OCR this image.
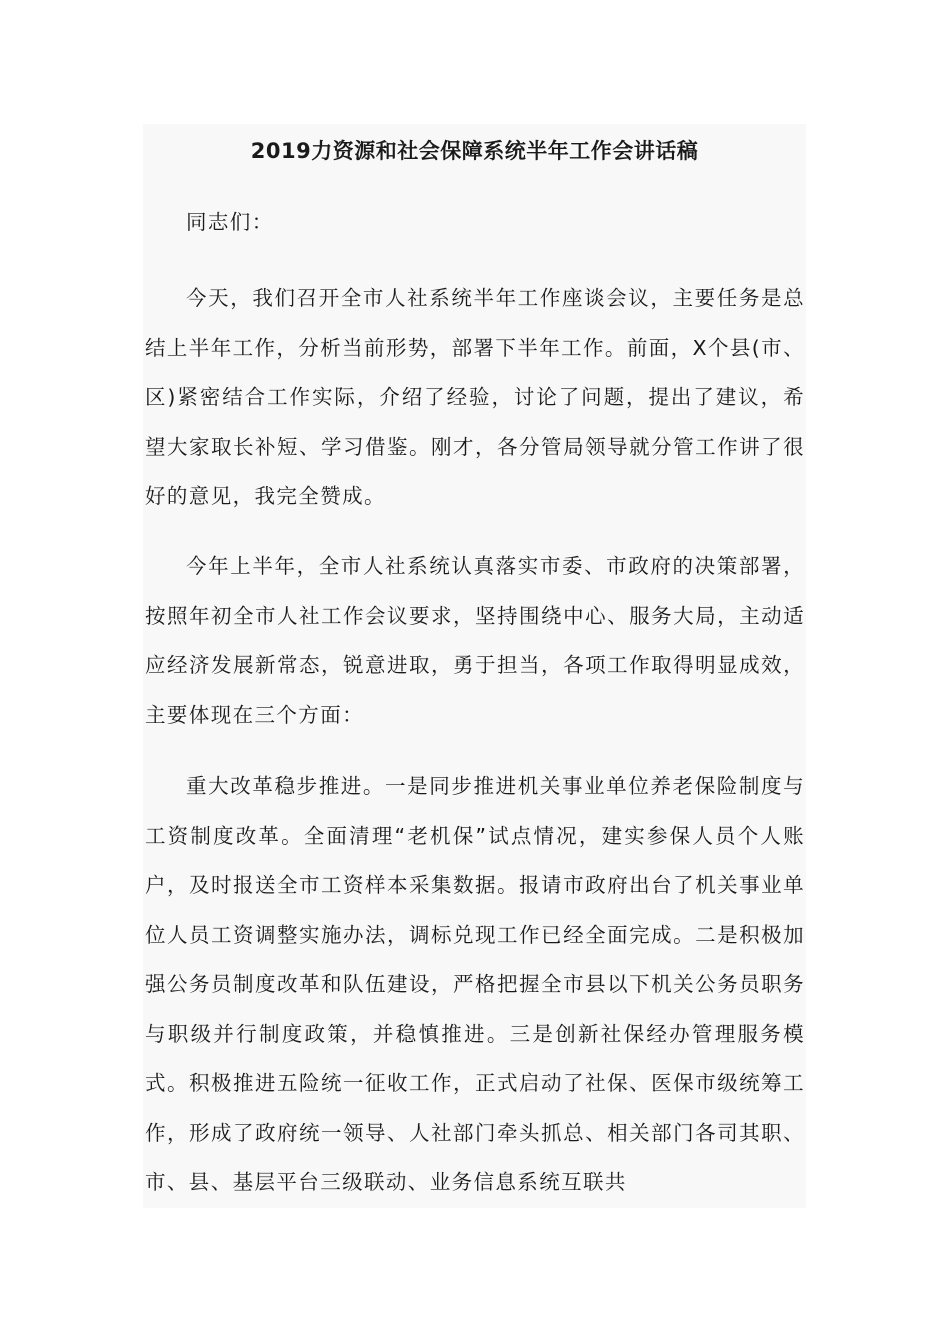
2019力资源和社会保障系统半年工作会讲话稿

同志们：

今天，我们召开全市人社系统半年工作座谈会议，主要任务是总结上半年工作，分析当前形势，部署下半年工作。前面，X个县(市、区)紧密结合工作实际，介绍了经验，讨论了问题，提出了建议，希望大家取长补短、学习借鉴。刚才，各分管局领导就分管工作讲了很好的意见，我完全赞成。

今年上半年，全市人社系统认真落实市委、市政府的决策部署，按照年初全市人社工作会议要求，坚持围绕中心、服务大局，主动适应经济发展新常态，锐意进取，勇于担当，各项工作取得明显成效，主要体现在三个方面：

重大改革稳步推进。一是同步推进机关事业单位养老保险制度与工资制度改革。全面清理“老机保”试点情况，建实参保人员个人账户，及时报送全市工资样本采集数据。报请市政府出台了机关事业单位人员工资调整实施办法，调标兑现工作已经全面完成。二是积极加强公务员制度改革和队伍建设，严格把握全市县以下机关公务员职务与职级并行制度政策，并稳慎推进。三是创新社保经办管理服务模式。积极推进五险统一征收工作，正式启动了社保、医保市级统筹工作，形成了政府统一领导、人社部门牵头抓总、相关部门各司其职、市、县、基层平台三级联动、业务信息系统互联共
